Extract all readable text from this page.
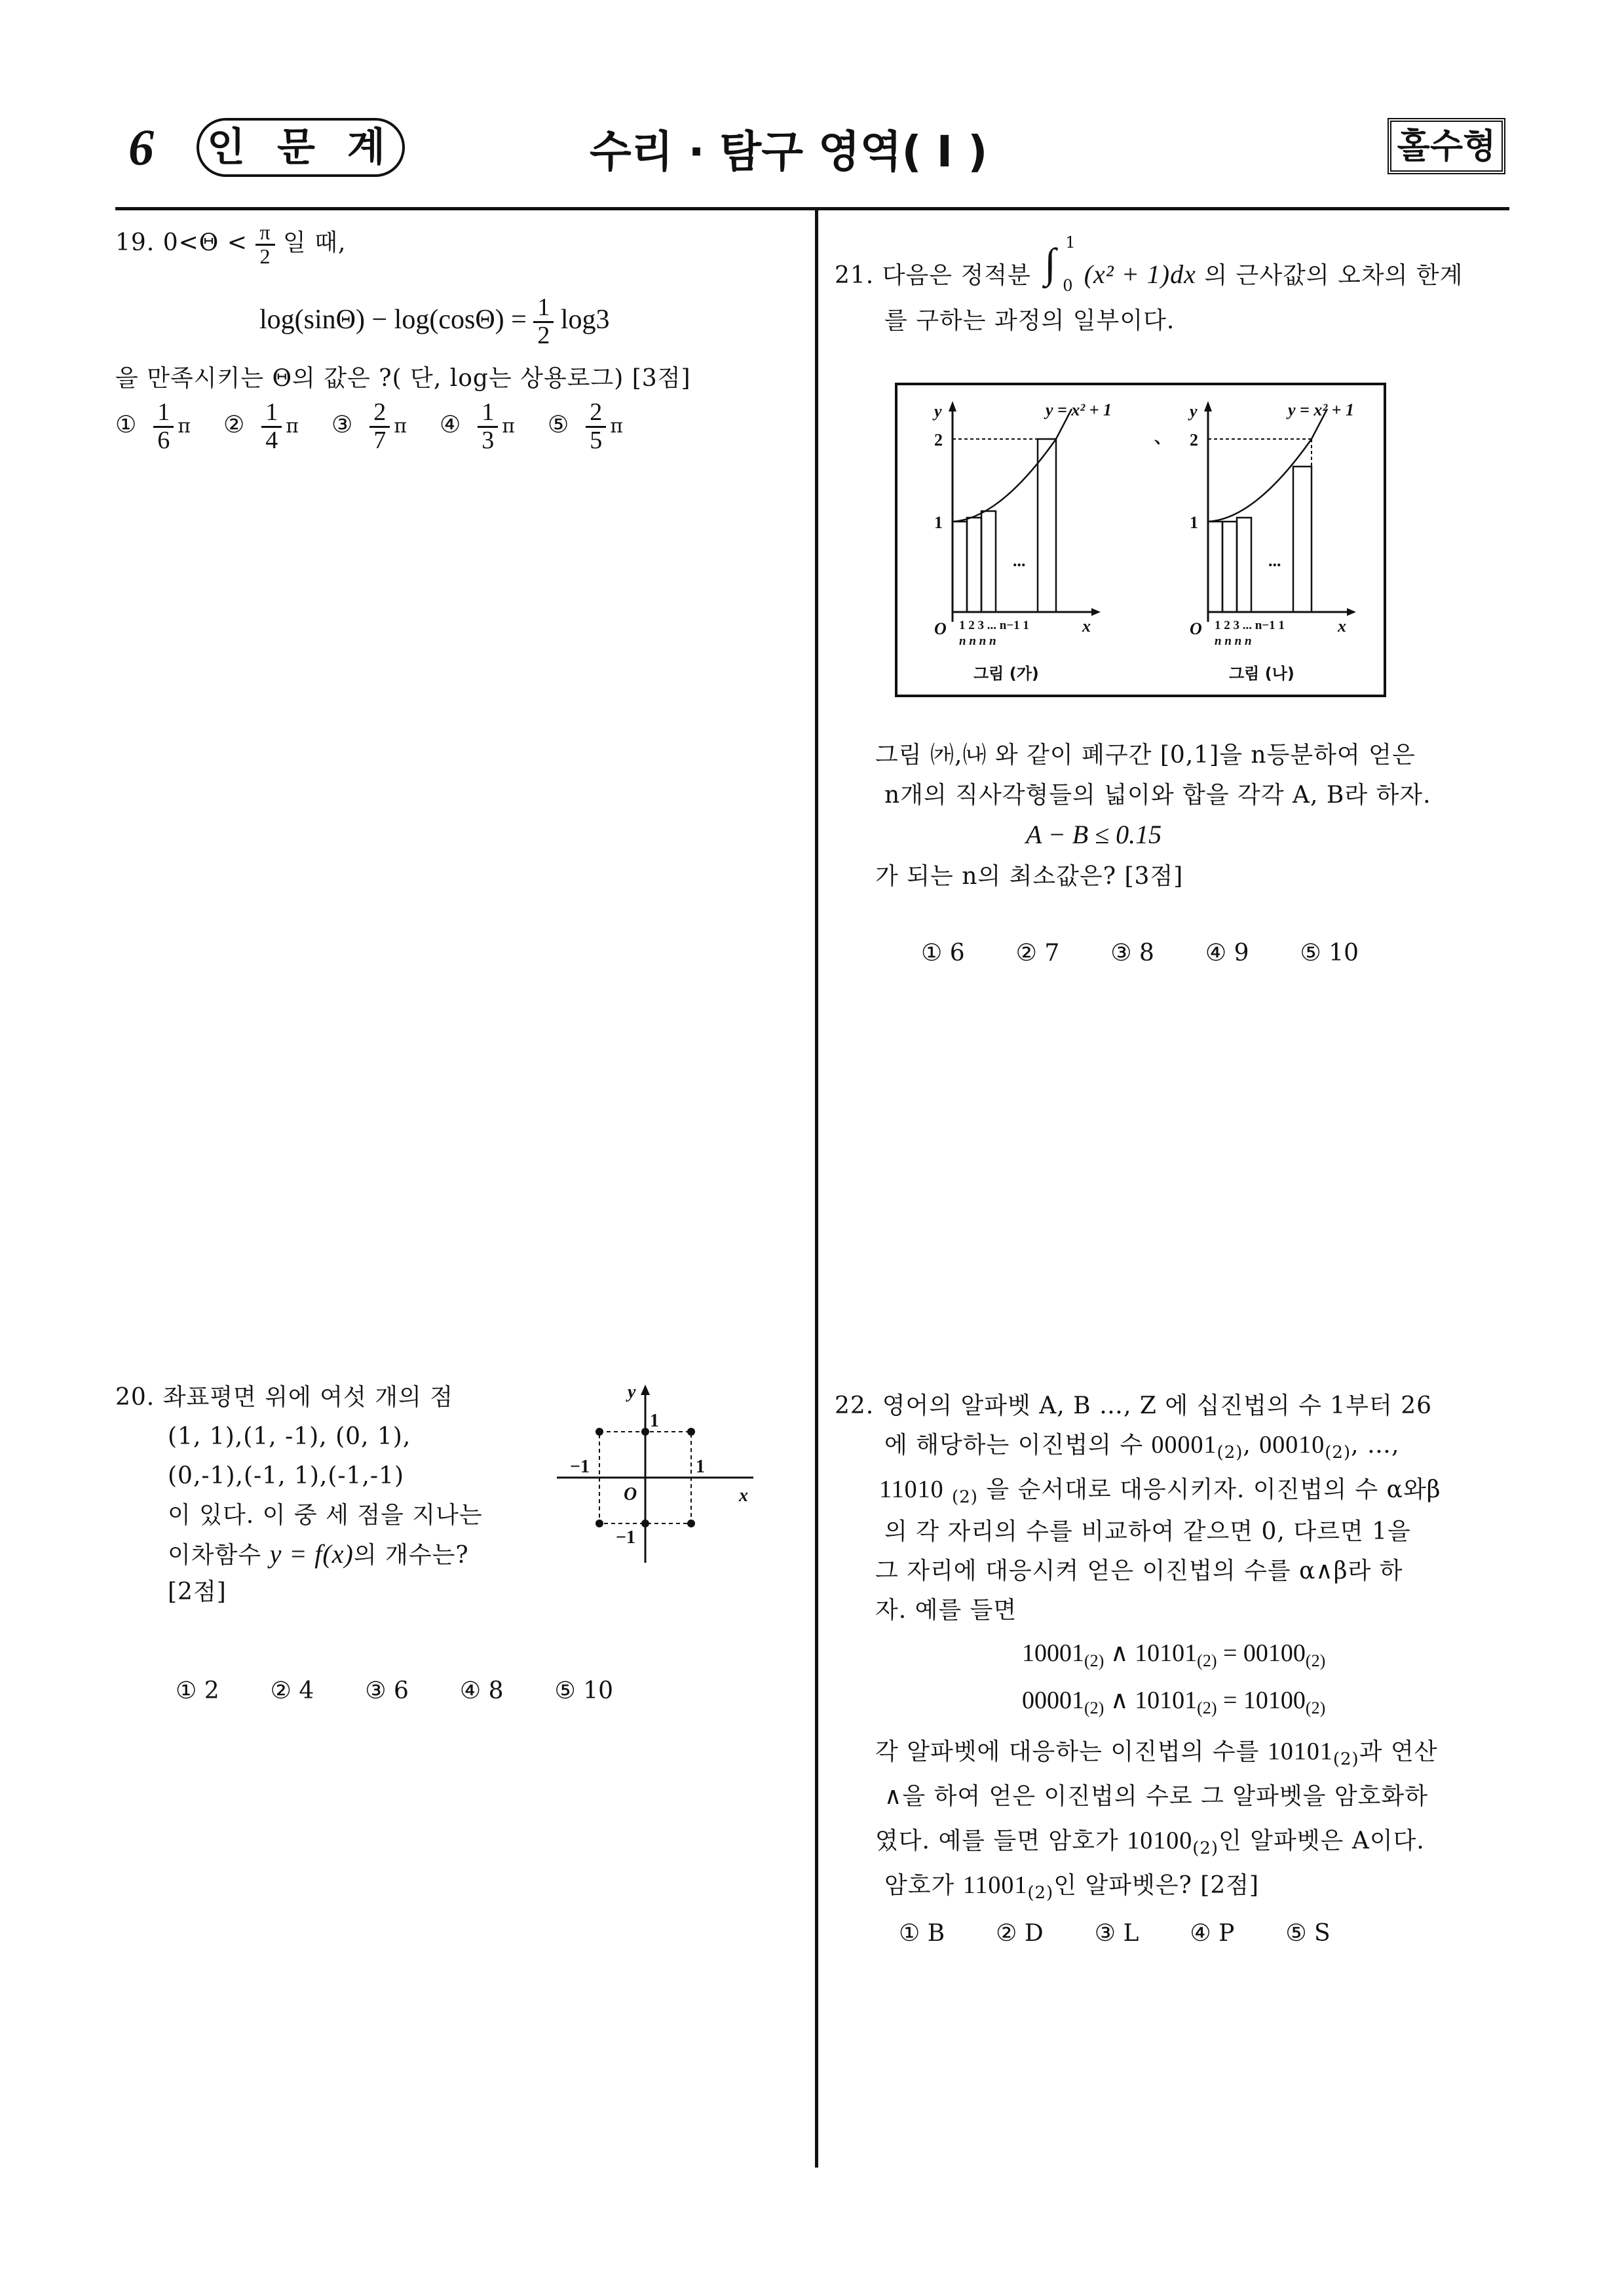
6 인 문 계	수리 · 탐구 영역( I )	홀수형
19. $0<\Theta < \frac{\pi}{2}$ 일 때,
$\log(\sin\Theta) - \log(\cos\Theta) = \frac{1}{2} \log 3$
을 만족시키는 Θ의 값은 ?( 단, log는 상용로그) [3점]
① $\frac{1}{6}$ π ② $\frac{1}{4}$ π ③ $\frac{2}{7}$ π ④ $\frac{1}{3}$ π ⑤ $\frac{2}{5}$ π
20. 좌표평면 위에 여섯 개의 점
(1, 1),(1, -1), (0, 1),
(0,-1),(-1, 1),(-1,-1)
이 있다. 이 중 세 점을 지나는
이차함수 y = f(x)의 개수는?
[2점]
y
x
1
−1	1
O
−1
① 2 ② 4 ③ 6 ④ 8 ⑤ 10
21. 다음은 정적분 ∫ 1
0 (x² + 1)dx 의 근사값의 오차의 한계
를 구하는 과정의 일부이다.
y	y = x² + 1
2
1
O 1 2 3 ... n−1 1
n n n n
x
...
그림 (가)
、
y	y = x² + 1
2
1
O 1 2 3 ... n−1 1
n n n n
x
...
그림 (나)
그림 ㈎,㈏ 와 같이 폐구간 [0,1]을 n등분하여 얻은
n개의 직사각형들의 넓이와 합을 각각 A, B라 하자.
A − B ≤ 0.15
가 되는 n의 최소값은? [3점]
① 6 ② 7 ③ 8 ④ 9 ⑤ 10
22. 영어의 알파벳 A, B …, Z 에 십진법의 수 1부터 26
에 해당하는 이진법의 수 $00001_{(2)}$, $00010_{(2)}$, …,
11010 $_{(2)}$ 을 순서대로 대응시키자. 이진법의 수 α와β
의 각 자리의 수를 비교하여 같으면 0, 다르면 1을
그 자리에 대응시켜 얻은 이진법의 수를 α∧β라 하
자. 예를 들면
$10001_{(2)}$ ∧ $10101_{(2)} = 00100_{(2)}$
$00001_{(2)}$ ∧ $10101_{(2)} = 10100_{(2)}$
각 알파벳에 대응하는 이진법의 수를 $10101_{(2)}$과 연산
∧을 하여 얻은 이진법의 수로 그 알파벳을 암호화하
였다. 예를 들면 암호가 $10100_{(2)}$인 알파벳은 A이다.
암호가 $11001_{(2)}$인 알파벳은? [2점]
① B ② D ③ L ④ P ⑤ S
